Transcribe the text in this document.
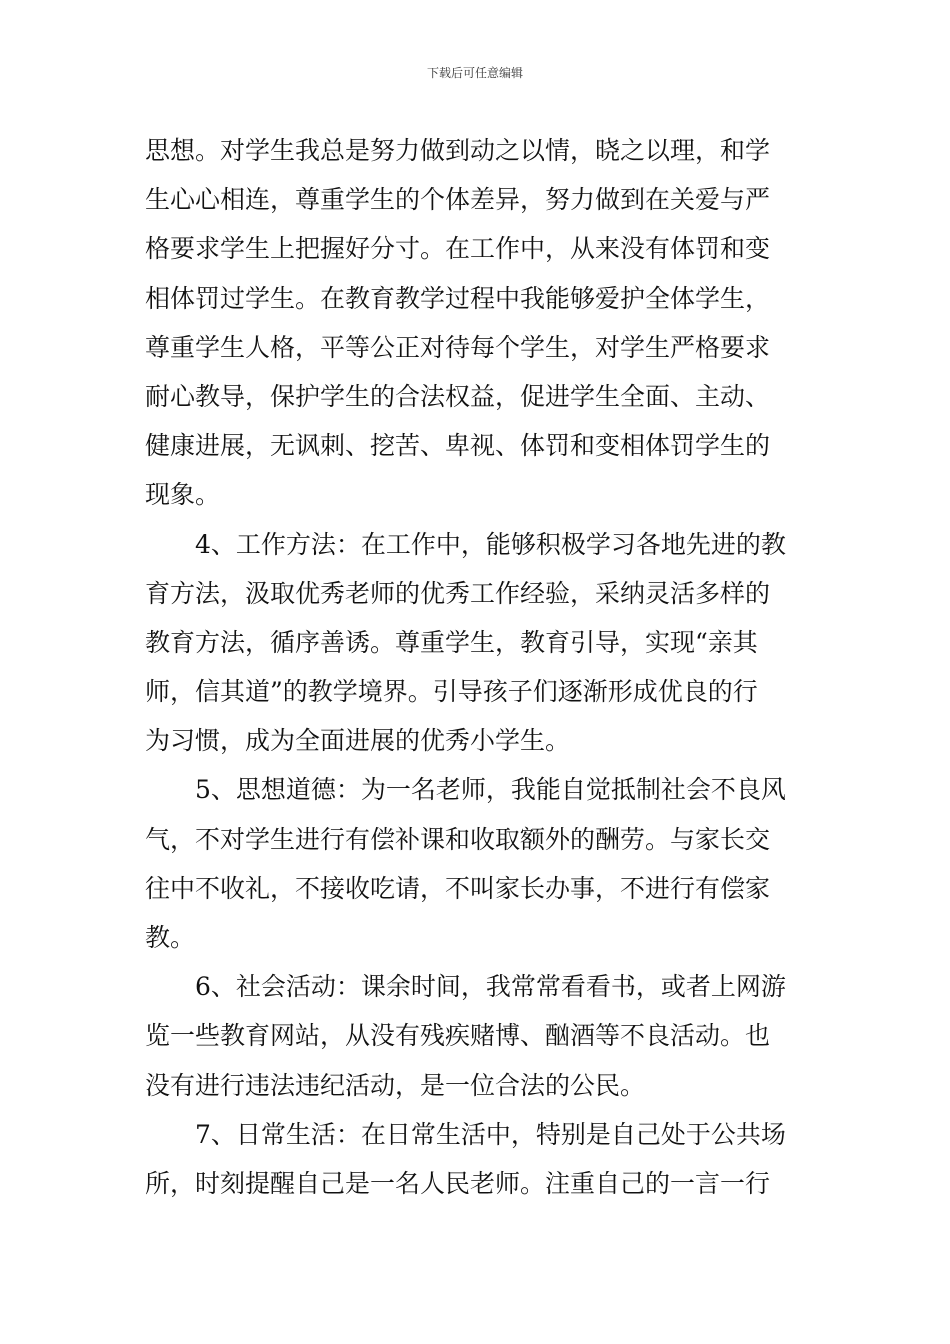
下载后可任意编辑
思想。对学生我总是努力做到动之以情，晓之以理，和学
生心心相连，尊重学生的个体差异，努力做到在关爱与严
格要求学生上把握好分寸。在工作中，从来没有体罚和变
相体罚过学生。在教育教学过程中我能够爱护全体学生，
尊重学生人格，平等公正对待每个学生，对学生严格要求
耐心教导，保护学生的合法权益，促进学生全面、主动、
健康进展，无讽刺、挖苦、卑视、体罚和变相体罚学生的
现象。
4、工作方法：在工作中，能够积极学习各地先进的教
育方法，汲取优秀老师的优秀工作经验，采纳灵活多样的
教育方法，循序善诱。尊重学生，教育引导，实现“亲其
师，信其道”的教学境界。引导孩子们逐渐形成优良的行
为习惯，成为全面进展的优秀小学生。
5、思想道德：为一名老师，我能自觉抵制社会不良风
气，不对学生进行有偿补课和收取额外的酬劳。与家长交
往中不收礼，不接收吃请，不叫家长办事，不进行有偿家
教。
6、社会活动：课余时间，我常常看看书，或者上网游
览一些教育网站，从没有残疾赌博、酗酒等不良活动。也
没有进行违法违纪活动，是一位合法的公民。
7、日常生活：在日常生活中，特别是自己处于公共场
所，时刻提醒自己是一名人民老师。注重自己的一言一行
